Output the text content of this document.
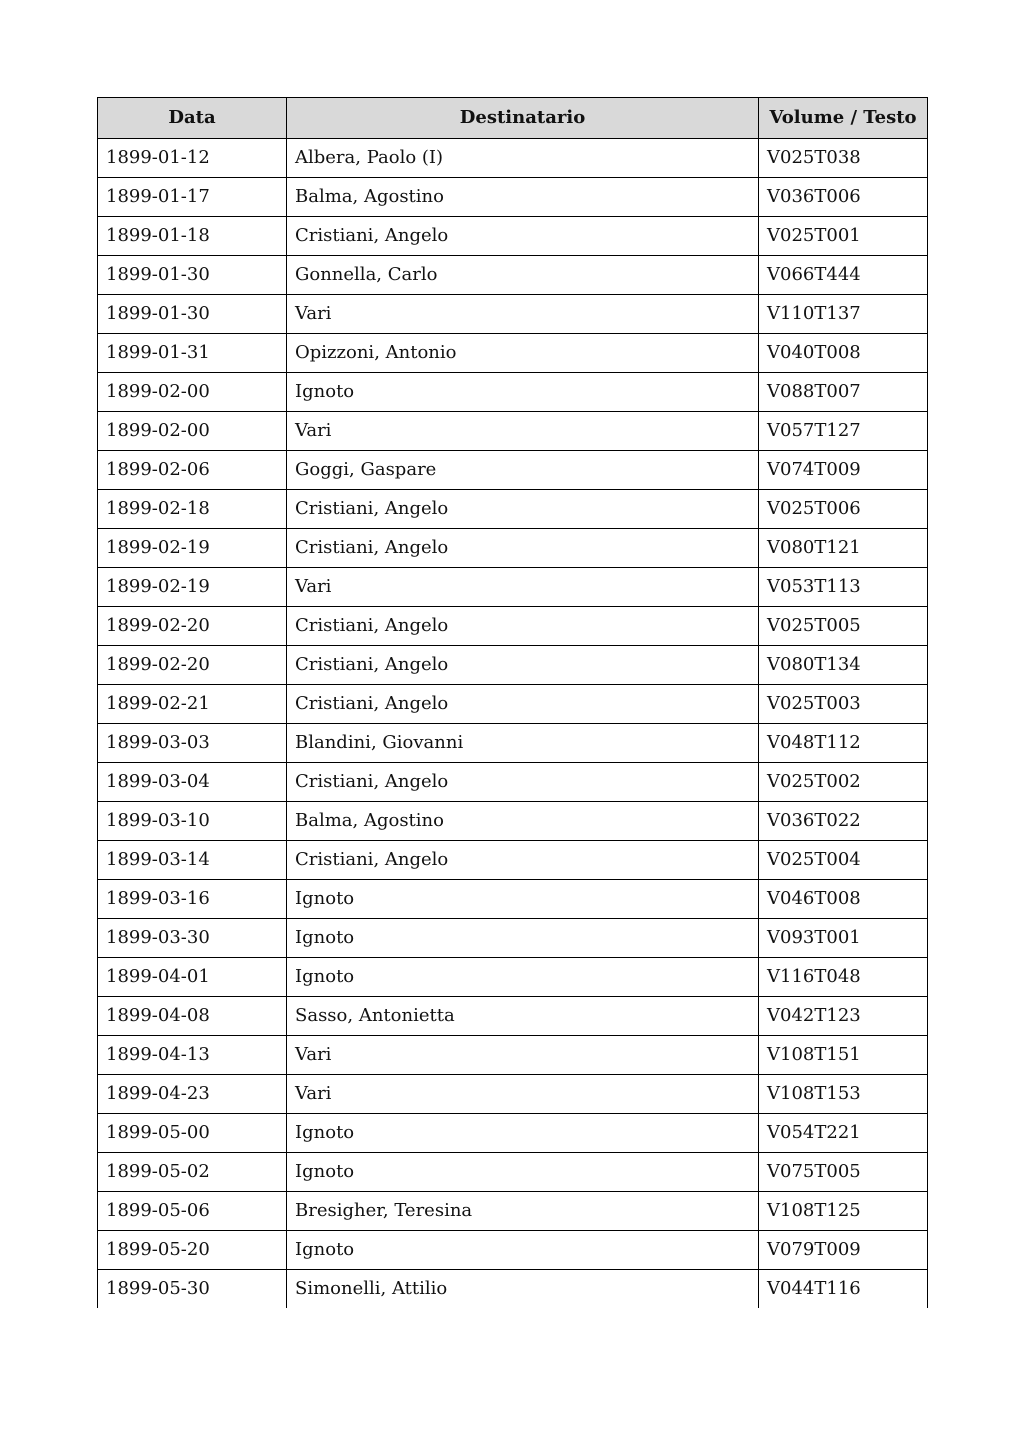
Data	Destinatario	Volume / Testo
1899-01-12	Albera, Paolo (I)	V025T038
1899-01-17	Balma, Agostino	V036T006
1899-01-18	Cristiani, Angelo	V025T001
1899-01-30	Gonnella, Carlo	V066T444
1899-01-30	Vari	V110T137
1899-01-31	Opizzoni, Antonio	V040T008
1899-02-00	Ignoto	V088T007
1899-02-00	Vari	V057T127
1899-02-06	Goggi, Gaspare	V074T009
1899-02-18	Cristiani, Angelo	V025T006
1899-02-19	Cristiani, Angelo	V080T121
1899-02-19	Vari	V053T113
1899-02-20	Cristiani, Angelo	V025T005
1899-02-20	Cristiani, Angelo	V080T134
1899-02-21	Cristiani, Angelo	V025T003
1899-03-03	Blandini, Giovanni	V048T112
1899-03-04	Cristiani, Angelo	V025T002
1899-03-10	Balma, Agostino	V036T022
1899-03-14	Cristiani, Angelo	V025T004
1899-03-16	Ignoto	V046T008
1899-03-30	Ignoto	V093T001
1899-04-01	Ignoto	V116T048
1899-04-08	Sasso, Antonietta	V042T123
1899-04-13	Vari	V108T151
1899-04-23	Vari	V108T153
1899-05-00	Ignoto	V054T221
1899-05-02	Ignoto	V075T005
1899-05-06	Bresigher, Teresina	V108T125
1899-05-20	Ignoto	V079T009
1899-05-30	Simonelli, Attilio	V044T116
